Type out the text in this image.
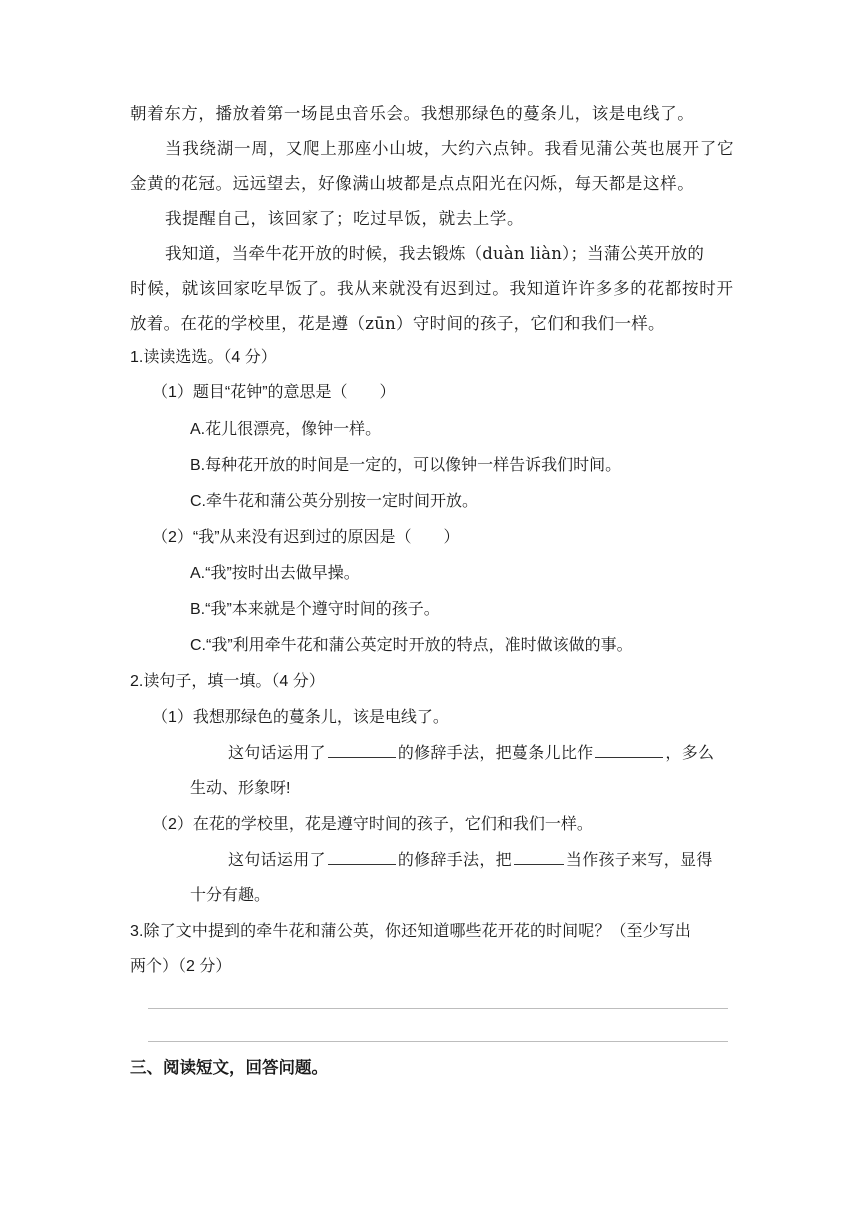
朝着东方，播放着第一场昆虫音乐会。我想那绿色的蔓条儿，该是电线了。
当我绕湖一周，又爬上那座小山坡，大约六点钟。我看见蒲公英也展开了它
金黄的花冠。远远望去，好像满山坡都是点点阳光在闪烁，每天都是这样。
我提醒自己，该回家了；吃过早饭，就去上学。
我知道，当牵牛花开放的时候，我去锻炼（duàn liàn）；当蒲公英开放的
时候，就该回家吃早饭了。我从来就没有迟到过。我知道许许多多的花都按时开
放着。在花的学校里，花是遵（zūn）守时间的孩子，它们和我们一样。
1.读读选选。（4 分）
（1）题目“花钟”的意思是（　　）
A.花儿很漂亮，像钟一样。
B.每种花开放的时间是一定的，可以像钟一样告诉我们时间。
C.牵牛花和蒲公英分别按一定时间开放。
（2）“我”从来没有迟到过的原因是（　　）
A.“我”按时出去做早操。
B.“我”本来就是个遵守时间的孩子。
C.“我”利用牵牛花和蒲公英定时开放的特点，准时做该做的事。
2.读句子，填一填。（4 分）
（1）我想那绿色的蔓条儿，该是电线了。
这句话运用了	的修辞手法，把蔓条儿比作	，多么
生动、形象呀!
（2）在花的学校里，花是遵守时间的孩子，它们和我们一样。
这句话运用了	的修辞手法，把	当作孩子来写，显得
十分有趣。
3.除了文中提到的牵牛花和蒲公英，你还知道哪些花开花的时间呢？（至少写出
两个）（2 分）
三、阅读短文，回答问题。
